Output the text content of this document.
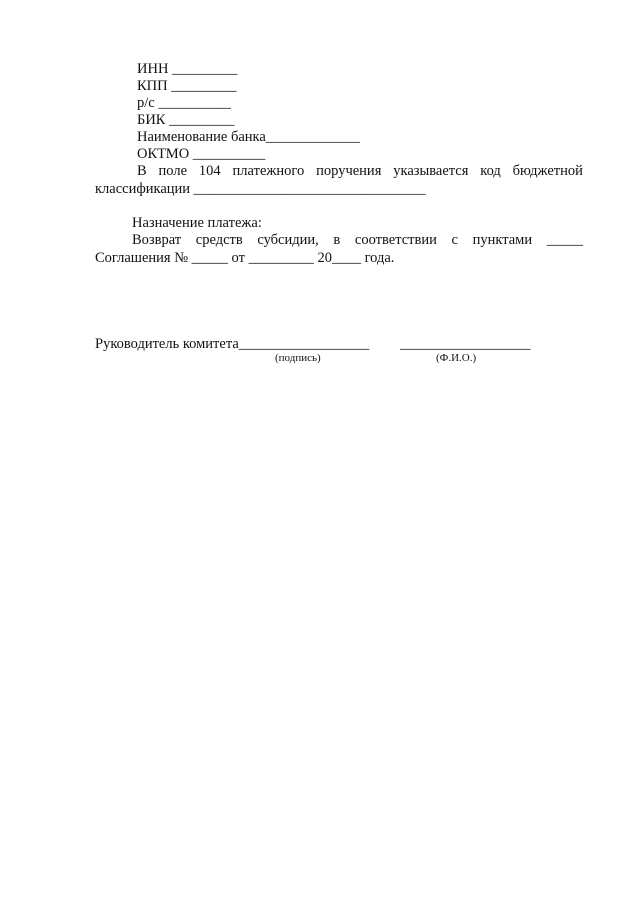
ИНН _________
КПП _________
р/с __________
БИК _________
Наименование банка_____________
ОКТМО __________
В поле 104 платежного поручения указывается код бюджетной
классификации ________________________________
Назначение платежа:
Возврат средств субсидии, в соответствии с пунктами _____
Соглашения № _____ от _________ 20____ года.
Руководитель комитета__________________ __________________
(подпись)	(Ф.И.О.)
